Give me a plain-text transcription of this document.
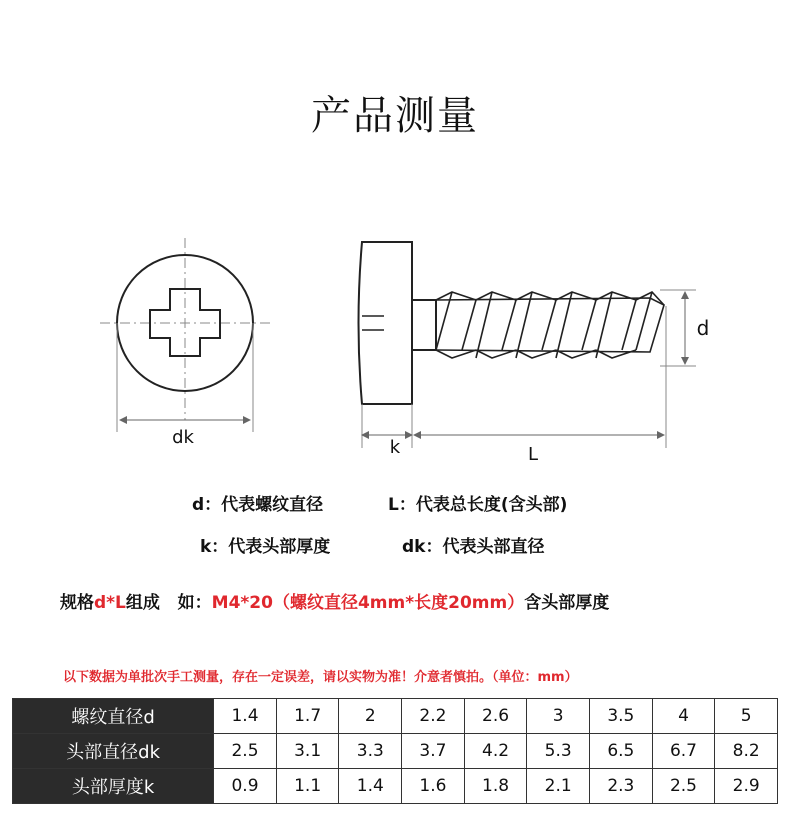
产品测量
dk	k	L
d
d：代表螺纹直径	L：代表总长度(含头部)
k：代表头部厚度	dk：代表头部直径
规格d*L组成   如：M4*20（螺纹直径4mm*长度20mm）含头部厚度
以下数据为单批次手工测量，存在一定误差，请以实物为准！介意者慎拍。（单位：mm）
螺纹直径d	1.4	1.7	2	2.2	2.6	3	3.5	4	5
头部直径dk	2.5	3.1	3.3	3.7	4.2	5.3	6.5	6.7	8.2
头部厚度k	0.9	1.1	1.4	1.6	1.8	2.1	2.3	2.5	2.9
